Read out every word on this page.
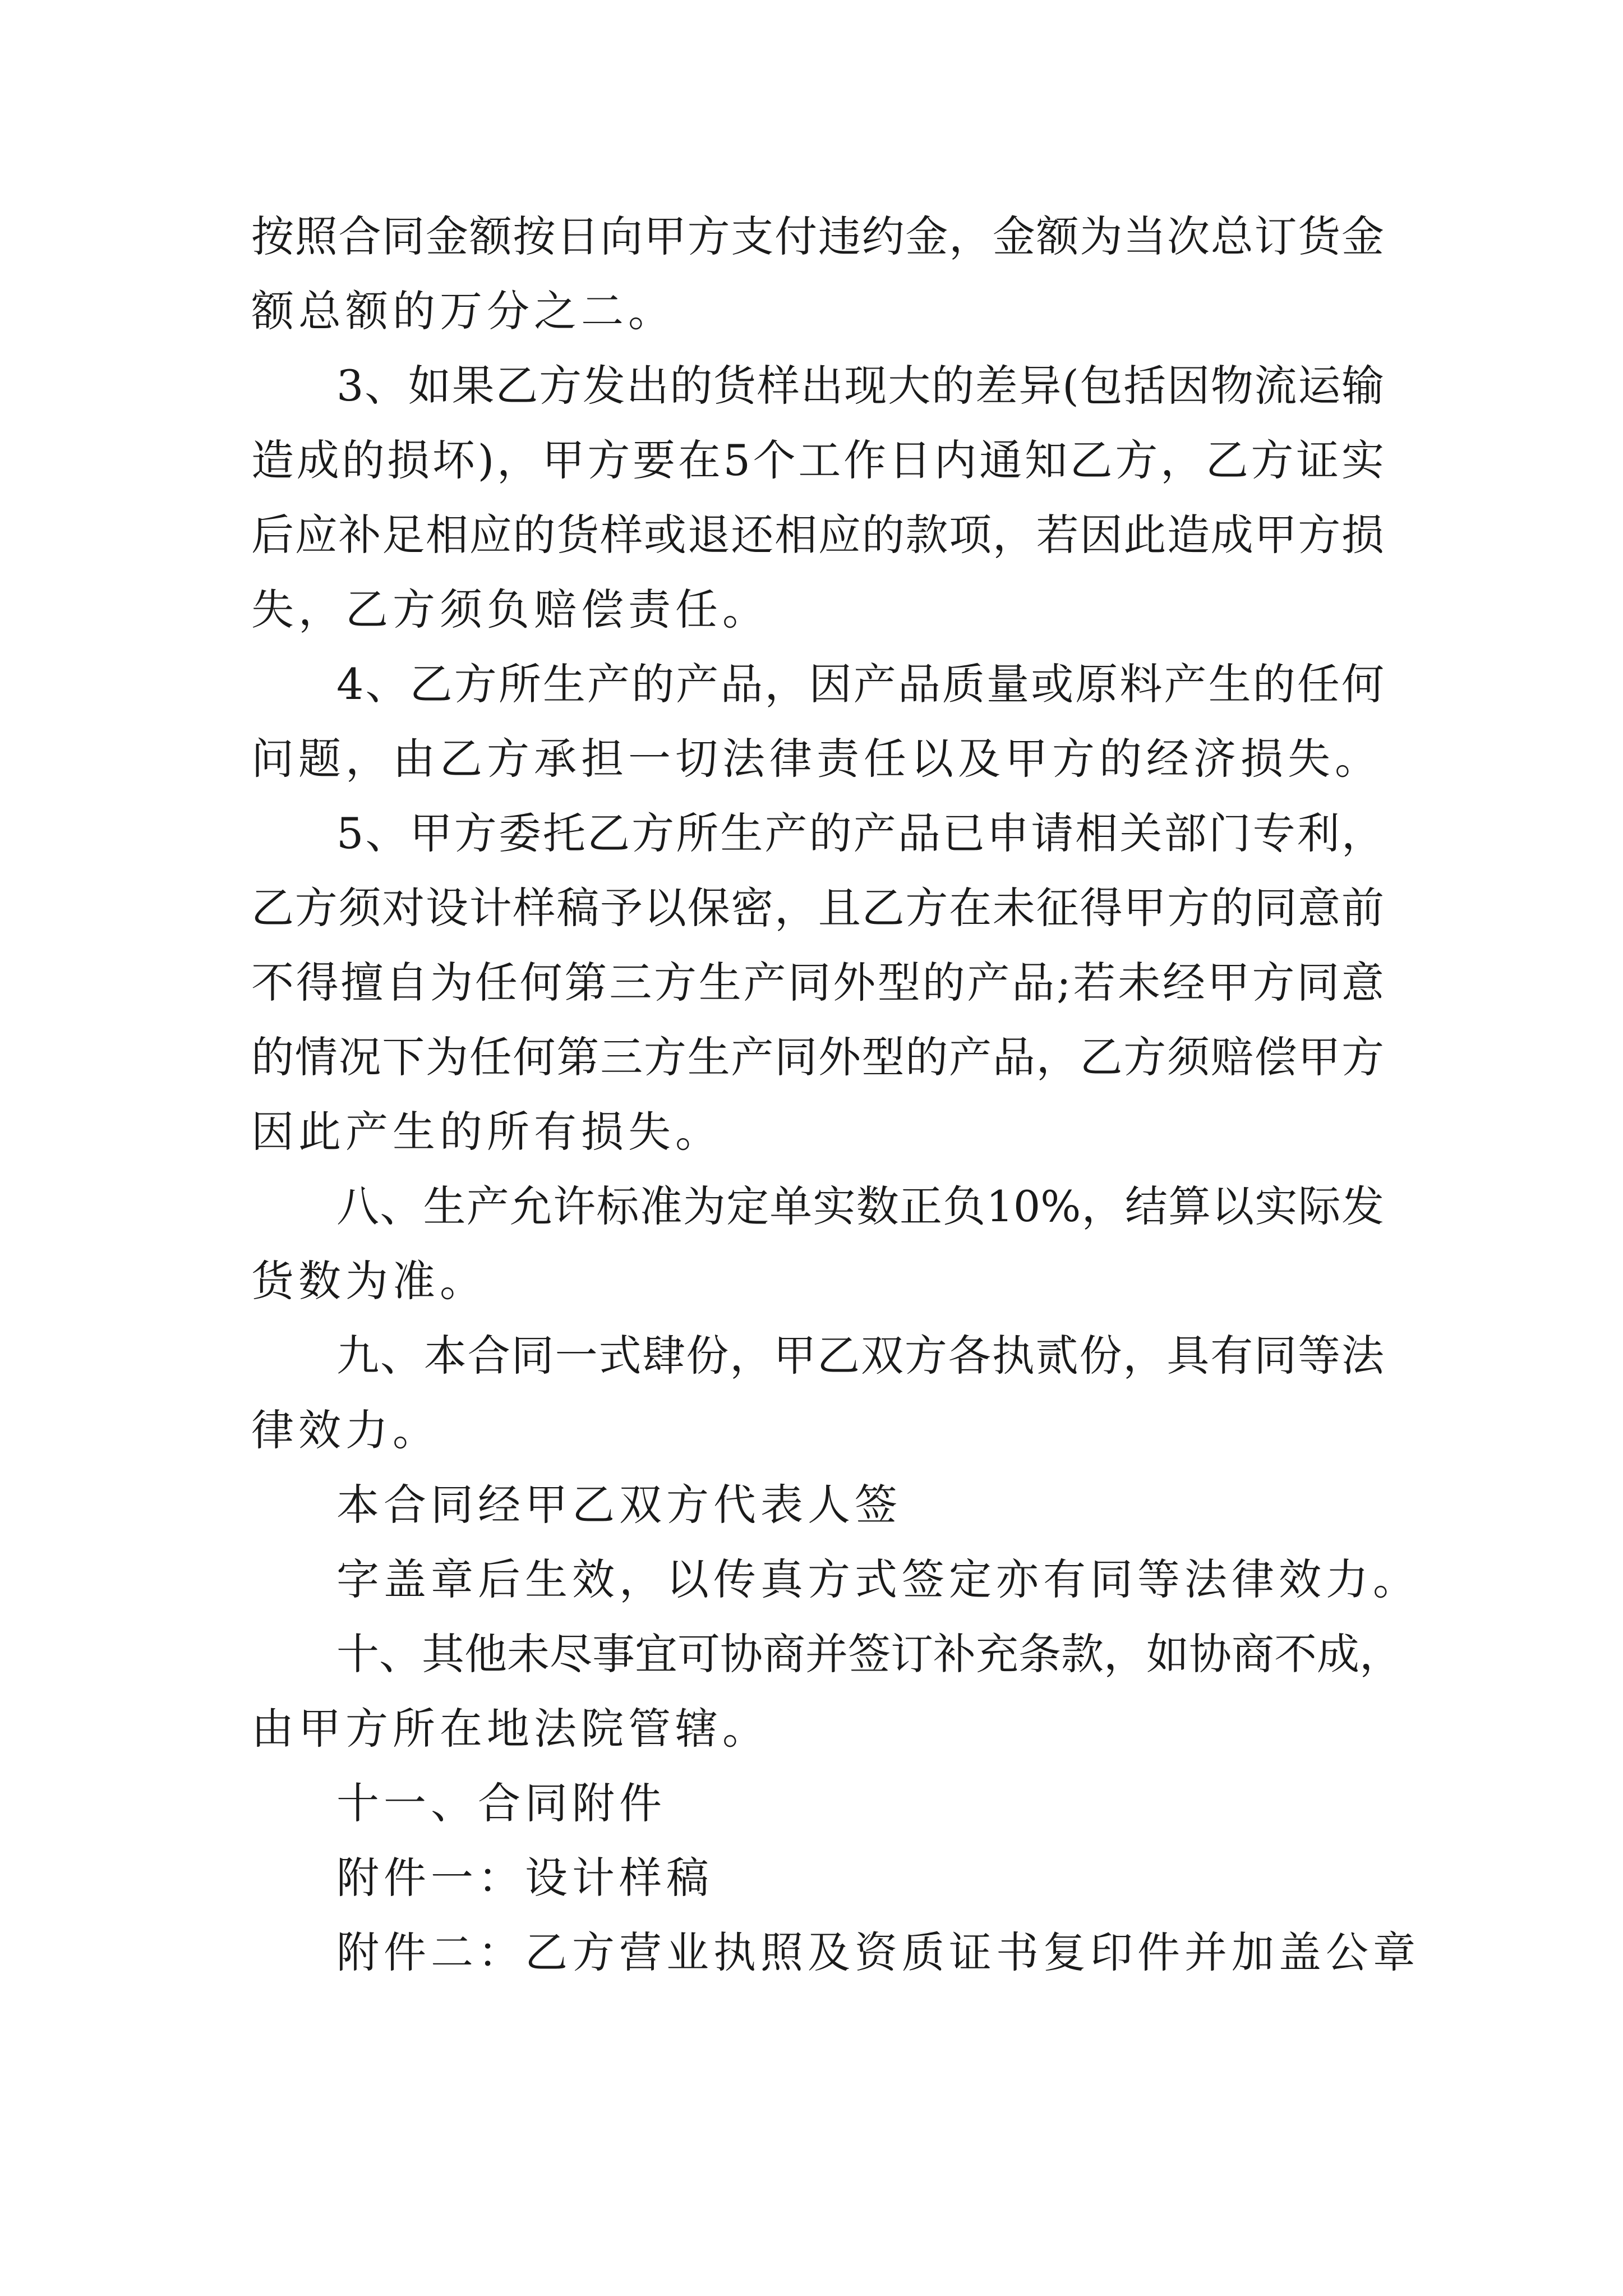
按照合同金额按日向甲方支付违约金，金额为当次总订货金
额总额的万分之二。
3、如果乙方发出的货样出现大的差异(包括因物流运输
造成的损坏)，甲方要在5个工作日内通知乙方，乙方证实
后应补足相应的货样或退还相应的款项，若因此造成甲方损
失，乙方须负赔偿责任。
4、乙方所生产的产品，因产品质量或原料产生的任何
问题，由乙方承担一切法律责任以及甲方的经济损失。
5、甲方委托乙方所生产的产品已申请相关部门专利，
乙方须对设计样稿予以保密，且乙方在未征得甲方的同意前
不得擅自为任何第三方生产同外型的产品;若未经甲方同意
的情况下为任何第三方生产同外型的产品，乙方须赔偿甲方
因此产生的所有损失。
八、生产允许标准为定单实数正负10%，结算以实际发
货数为准。
九、本合同一式肆份，甲乙双方各执贰份，具有同等法
律效力。
本合同经甲乙双方代表人签
字盖章后生效，以传真方式签定亦有同等法律效力。
十、其他未尽事宜可协商并签订补充条款，如协商不成，
由甲方所在地法院管辖。
十一、合同附件
附件一：设计样稿
附件二：乙方营业执照及资质证书复印件并加盖公章
